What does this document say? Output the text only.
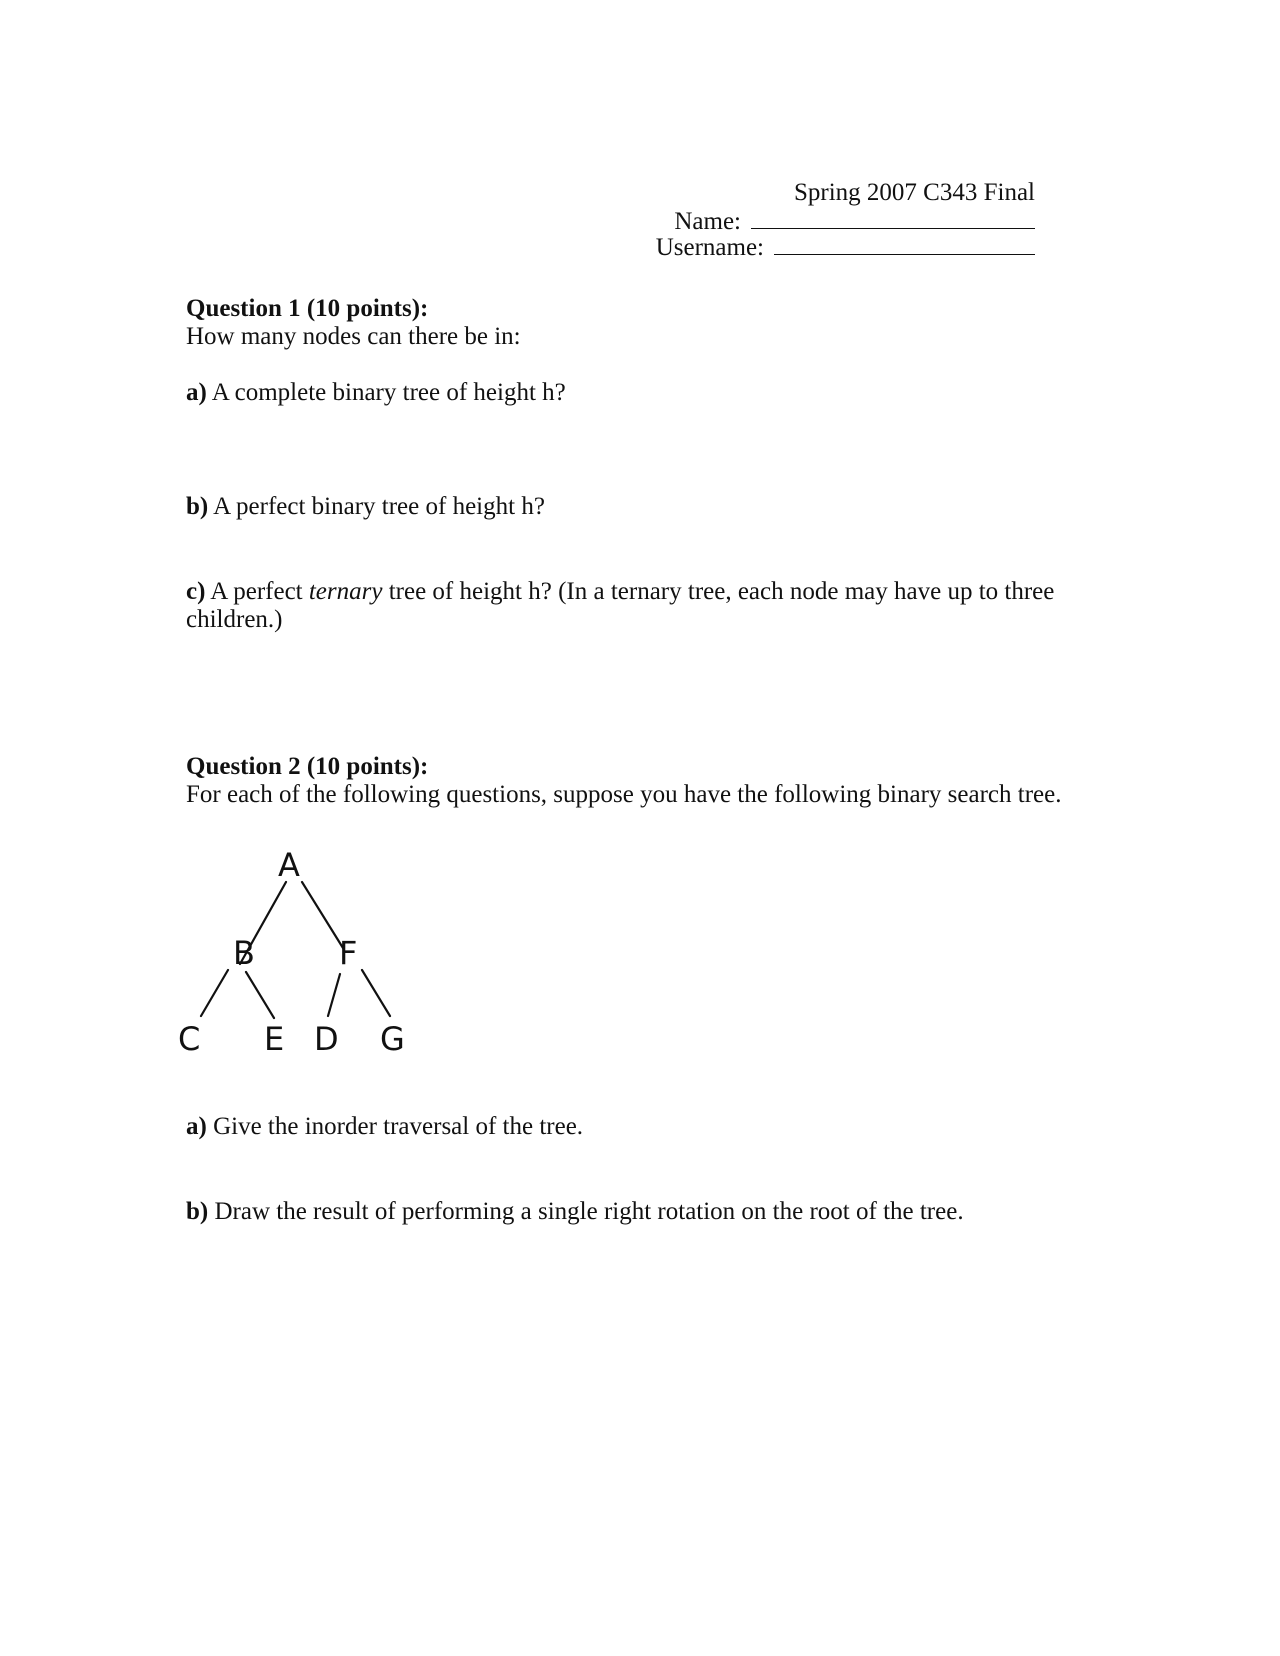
Spring 2007 C343 Final
Name:
Username:
Question 1 (10 points):
How many nodes can there be in:
a) A complete binary tree of height h?
b) A perfect binary tree of height h?
c) A perfect ternary tree of height h? (In a ternary tree, each node may have up to three
children.)
Question 2 (10 points):
For each of the following questions, suppose you have the following binary search tree.
A
B	F
C E D G
a) Give the inorder traversal of the tree.
b) Draw the result of performing a single right rotation on the root of the tree.
